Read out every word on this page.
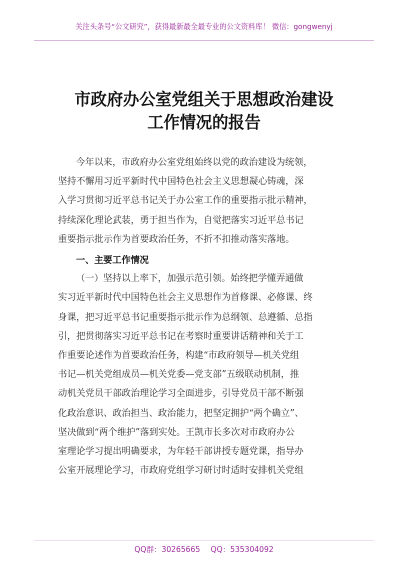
关注头条号“公文研究”，获得最新最全最专业的公文资料库！ 微信：gongwenyj
市政府办公室党组关于思想政治建设
工作情况的报告

今年以来，市政府办公室党组始终以党的政治建设为统领，
坚持不懈用习近平新时代中国特色社会主义思想凝心铸魂，深
入学习贯彻习近平总书记关于办公室工作的重要指示批示精神，
持续深化理论武装，勇于担当作为，自觉把落实习近平总书记
重要指示批示作为首要政治任务，不折不扣推动落实落地。

一、主要工作情况

（一）坚持以上率下，加强示范引领。始终把学懂弄通做
实习近平新时代中国特色社会主义思想作为首修课、必修课、终
身课，把习近平总书记重要指示批示作为总纲领、总遵循、总指
引，把贯彻落实习近平总书记在考察时重要讲话精神和关于工
作重要论述作为首要政治任务，构建“市政府领导—机关党组
书记—机关党组成员—机关党委—党支部”五级联动机制，推
动机关党员干部政治理论学习全面进步，引导党员干部不断强
化政治意识、政治担当、政治能力，把坚定拥护“两个确立”、
坚决做到“两个维护”落到实处。王凯市长多次对市政府办公
室理论学习提出明确要求，为年轻干部讲授专题党课，指导办
公室开展理论学习，市政府党组学习研讨时适时安排机关党组

QQ群：30265665 QQ：535304092
